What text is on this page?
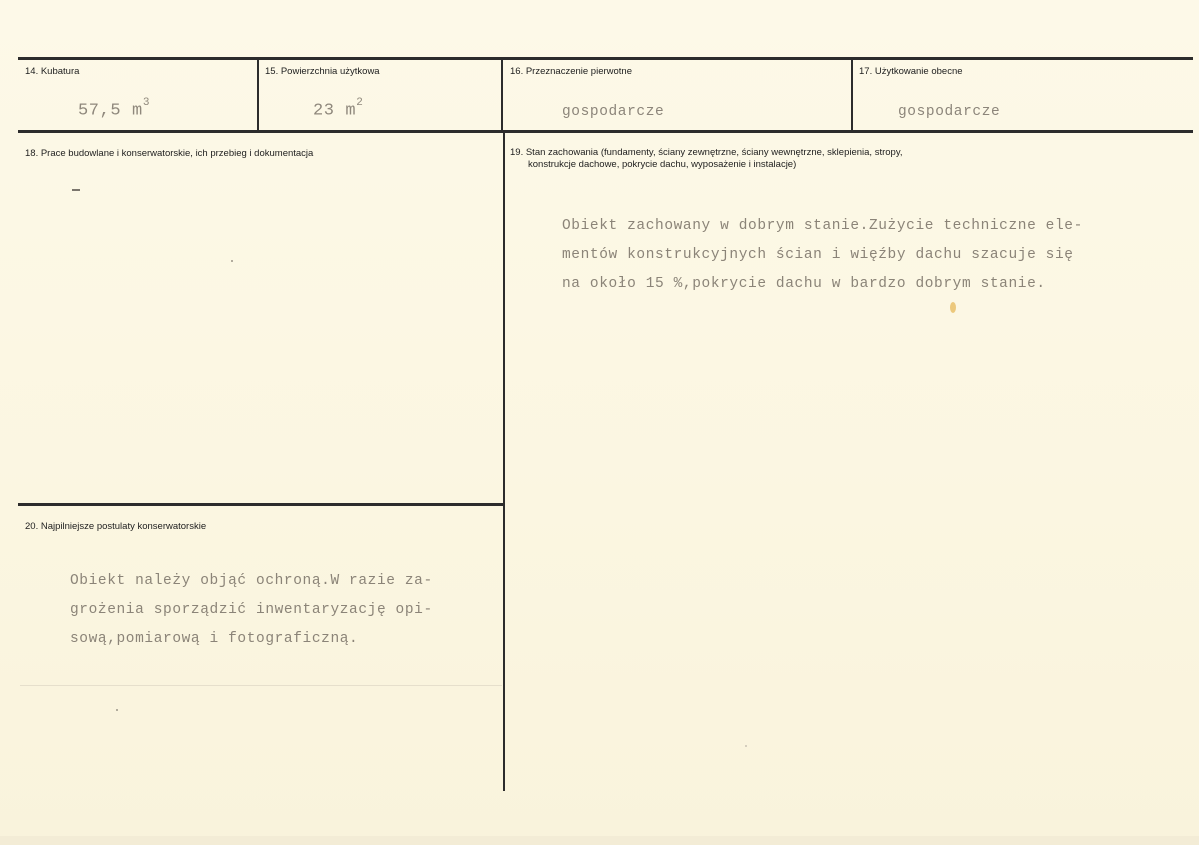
14. Kubatura
57,5 $m^3$
15. Powierzchnia użytkowa
23 $m^2$
16. Przeznaczenie pierwotne
gospodarcze
17. Użytkowanie obecne
gospodarcze
18. Prace budowlane i konserwatorskie, ich przebieg i dokumentacja	19. Stan zachowania (fundamenty, ściany zewnętrzne, ściany wewnętrzne, sklepienia, stropy,
konstrukcje dachowe, pokrycie dachu, wyposażenie i instalacje)
Obiekt zachowany w dobrym stanie.Zużycie techniczne ele-
mentów konstrukcyjnych ścian i więźby dachu szacuje się
na około 15 %,pokrycie dachu w bardzo dobrym stanie.
20. Najpilniejsze postulaty konserwatorskie
Obiekt należy objąć ochroną.W razie za-
grożenia sporządzić inwentaryzację opi-
sową,pomiarową i fotograficzną.
